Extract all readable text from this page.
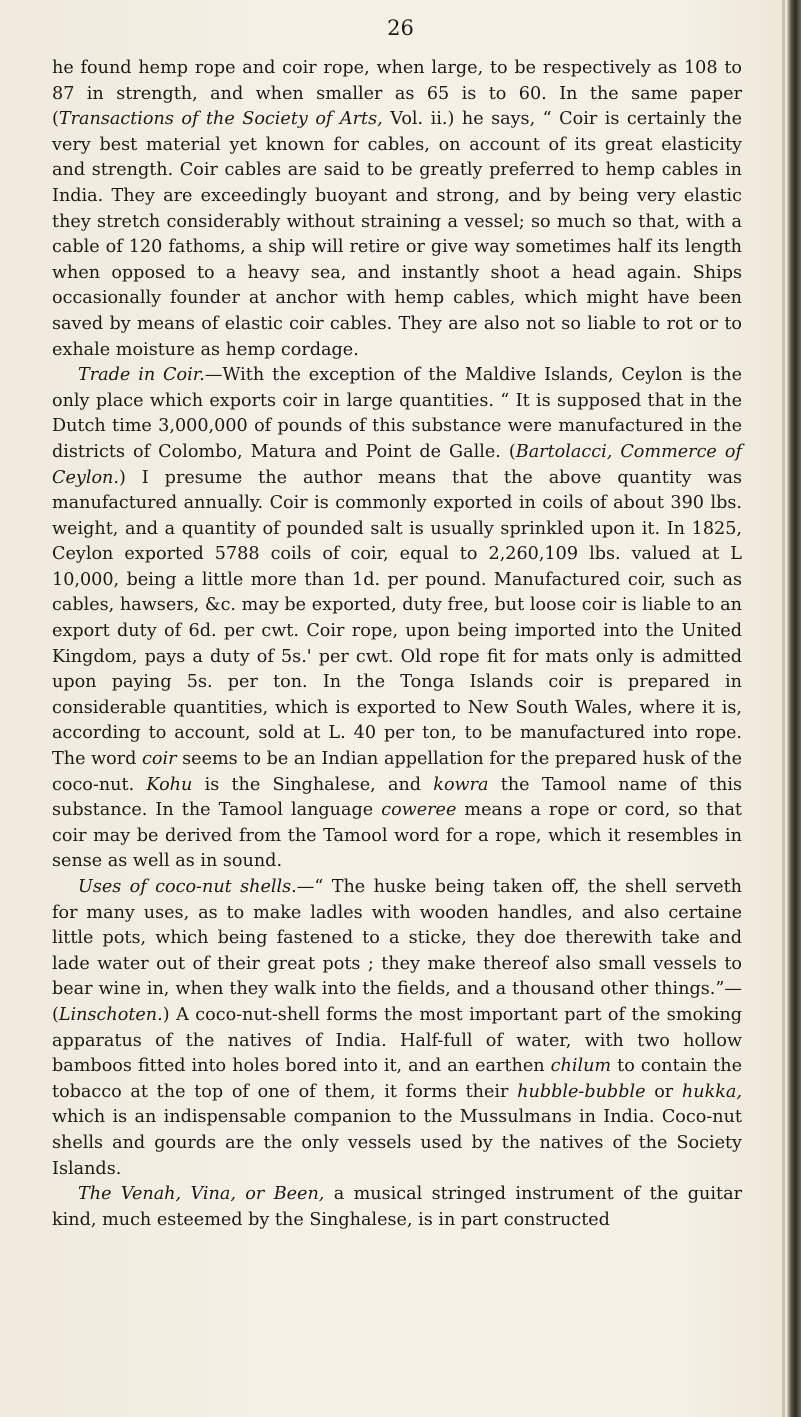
26

he found hemp rope and coir rope, when large, to be respectively as 108 to 87 in strength, and when smaller as 65 is to 60. In the same paper (Transactions of the Society of Arts, Vol. ii.) he says, “ Coir is certainly the very best material yet known for cables, on account of its great elasticity and strength. Coir cables are said to be greatly preferred to hemp cables in India. They are exceedingly buoyant and strong, and by being very elastic they stretch considerably without straining a vessel; so much so that, with a cable of 120 fathoms, a ship will retire or give way sometimes half its length when opposed to a heavy sea, and instantly shoot a head again. Ships occasionally founder at anchor with hemp cables, which might have been saved by means of elastic coir cables. They are also not so liable to rot or to exhale moisture as hemp cordage.

Trade in Coir.—With the exception of the Maldive Islands, Ceylon is the only place which exports coir in large quantities. “ It is supposed that in the Dutch time 3,000,000 of pounds of this substance were manufactured in the districts of Colombo, Matura and Point de Galle. (Bartolacci, Commerce of Ceylon.) I presume the author means that the above quantity was manufactured annually. Coir is commonly exported in coils of about 390 lbs. weight, and a quantity of pounded salt is usually sprinkled upon it. In 1825, Ceylon exported 5788 coils of coir, equal to 2,260,109 lbs. valued at L 10,000, being a little more than 1d. per pound. Manufactured coir, such as cables, hawsers, &c. may be exported, duty free, but loose coir is liable to an export duty of 6d. per cwt. Coir rope, upon being imported into the United Kingdom, pays a duty of 5s.' per cwt. Old rope fit for mats only is admitted upon paying 5s. per ton. In the Tonga Islands coir is prepared in considerable quantities, which is exported to New South Wales, where it is, according to account, sold at L. 40 per ton, to be manufactured into rope. The word coir seems to be an Indian appellation for the prepared husk of the coco-nut. Kohu is the Singhalese, and kowra the Tamool name of this substance. In the Tamool language coweree means a rope or cord, so that coir may be derived from the Tamool word for a rope, which it resembles in sense as well as in sound.

Uses of coco-nut shells.—“ The huske being taken off, the shell serveth for many uses, as to make ladles with wooden handles, and also certaine little pots, which being fastened to a sticke, they doe therewith take and lade water out of their great pots ; they make thereof also small vessels to bear wine in, when they walk into the fields, and a thousand other things.”—(Linschoten.) A coco-nut-shell forms the most important part of the smoking apparatus of the natives of India. Half-full of water, with two hollow bamboos fitted into holes bored into it, and an earthen chilum to contain the tobacco at the top of one of them, it forms their hubble-bubble or hukka, which is an indispensable companion to the Mussulmans in India. Coco-nut shells and gourds are the only vessels used by the natives of the Society Islands.

The Venah, Vina, or Been, a musical stringed instrument of the guitar kind, much esteemed by the Singhalese, is in part constructed
